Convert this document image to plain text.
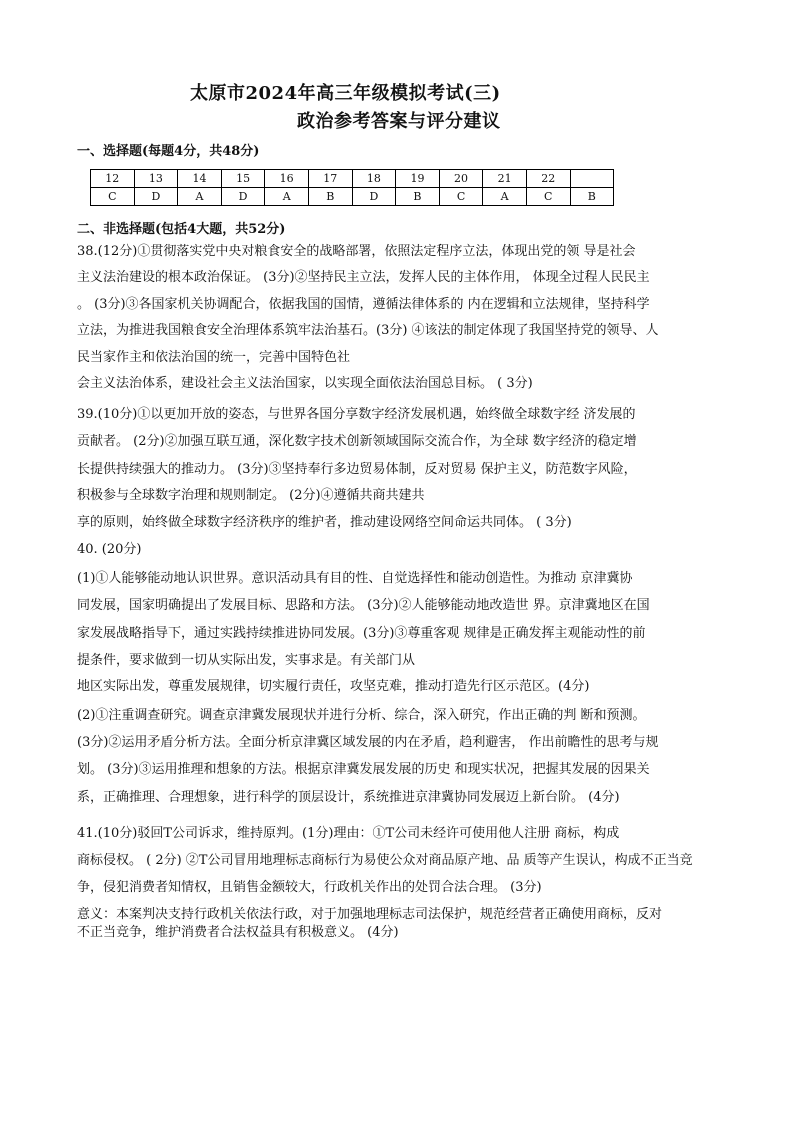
太原市2024年高三年级模拟考试(三)
政治参考答案与评分建议
一、选择题(每题4分，共48分)
12	13	14	15	16	17	18	19	20	21	22	
C	D	A	D	A	B	D	B	C	A	C	B
二、非选择题(包括4大题，共52分)
38.(12分)①贯彻落实党中央对粮食安全的战略部署，依照法定程序立法，体现出党的领 导是社会
主义法治建设的根本政治保证。 (3分)②坚持民主立法，发挥人民的主体作用， 体现全过程人民民主
。 (3分)③各国家机关协调配合，依据我国的国情，遵循法律体系的 内在逻辑和立法规律，坚持科学
立法，为推进我国粮食安全治理体系筑牢法治基石。(3分) ④该法的制定体现了我国坚持党的领导、人
民当家作主和依法治国的统一，完善中国特色社
会主义法治体系，建设社会主义法治国家，以实现全面依法治国总目标。 ( 3分)
39.(10分)①以更加开放的姿态，与世界各国分享数字经济发展机遇，始终做全球数字经 济发展的
贡献者。 (2分)②加强互联互通，深化数字技术创新领域国际交流合作，为全球 数字经济的稳定增
长提供持续强大的推动力。 (3分)③坚持奉行多边贸易体制，反对贸易 保护主义，防范数字风险，
积极参与全球数字治理和规则制定。 (2分)④遵循共商共建共
享的原则，始终做全球数字经济秩序的维护者，推动建设网络空间命运共同体。 ( 3分)
40. (20分)
(1)①人能够能动地认识世界。意识活动具有目的性、自觉选择性和能动创造性。为推动 京津冀协
同发展，国家明确提出了发展目标、思路和方法。 (3分)②人能够能动地改造世 界。京津冀地区在国
家发展战略指导下，通过实践持续推进协同发展。(3分)③尊重客观 规律是正确发挥主观能动性的前
提条件，要求做到一切从实际出发，实事求是。有关部门从
地区实际出发，尊重发展规律，切实履行责任，攻坚克难，推动打造先行区示范区。(4分)
(2)①注重调查研究。调查京津冀发展现状并进行分析、综合，深入研究，作出正确的判 断和预测。
(3分)②运用矛盾分析方法。全面分析京津冀区域发展的内在矛盾，趋利避害， 作出前瞻性的思考与规
划。 (3分)③运用推理和想象的方法。根据京津冀发展发展的历史 和现实状况，把握其发展的因果关
系，正确推理、合理想象，进行科学的顶层设计，系统推进京津冀协同发展迈上新台阶。 (4分)
41.(10分)驳回T公司诉求，维持原判。(1分)理由：①T公司未经许可使用他人注册 商标，构成
商标侵权。 ( 2分) ②T公司冒用地理标志商标行为易使公众对商品原产地、品 质等产生误认，构成不正当竞
争，侵犯消费者知情权，且销售金额较大，行政机关作出的处罚合法合理。 (3分)
意义：本案判决支持行政机关依法行政，对于加强地理标志司法保护，规范经营者正确使用商标，反对
不正当竞争，维护消费者合法权益具有积极意义。 (4分)
